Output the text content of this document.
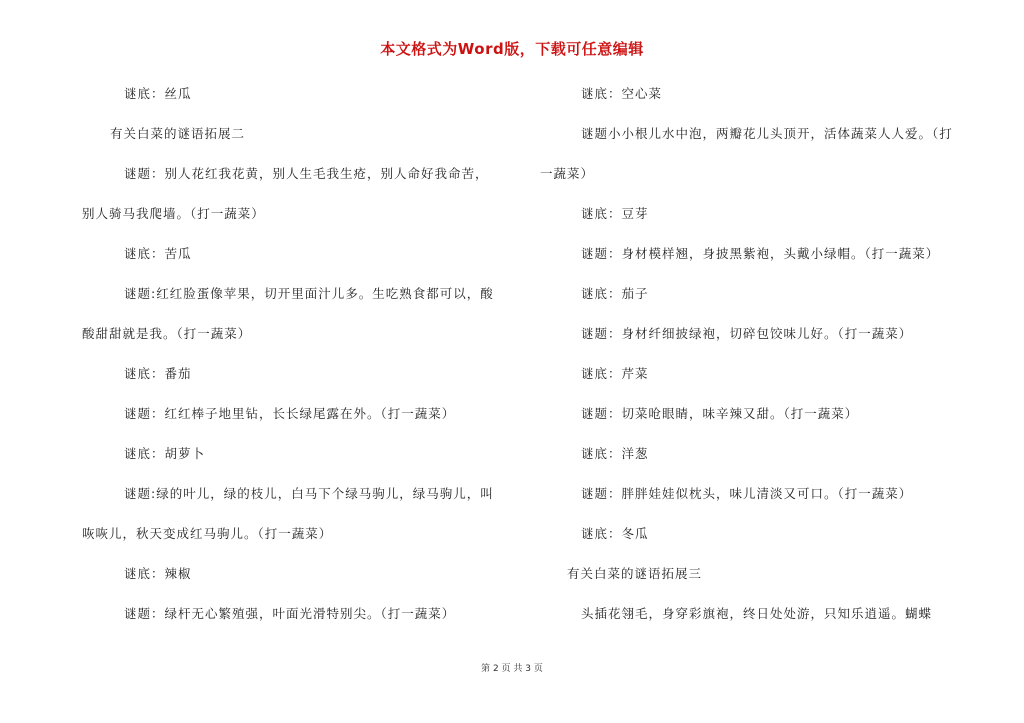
本文格式为Word版，下载可任意编辑
谜底：丝瓜
有关白菜的谜语拓展二
谜题：别人花红我花黄，别人生毛我生疮，别人命好我命苦，
别人骑马我爬墙。（打一蔬菜）
谜底：苦瓜
谜题:红红脸蛋像苹果，切开里面汁儿多。生吃熟食都可以，酸
酸甜甜就是我。（打一蔬菜）
谜底：番茄
谜题：红红棒子地里钻，长长绿尾露在外。（打一蔬菜）
谜底：胡萝卜
谜题:绿的叶儿，绿的枝儿，白马下个绿马驹儿，绿马驹儿，叫
咴咴儿，秋天变成红马驹儿。（打一蔬菜）
谜底：辣椒
谜题：绿杆无心繁殖强，叶面光滑特别尖。（打一蔬菜）
谜底：空心菜
谜题小小根儿水中泡，两瓣花儿头顶开，活体蔬菜人人爱。（打
一蔬菜）
谜底：豆芽
谜题：身材模样翘，身披黑紫袍，头戴小绿帽。（打一蔬菜）
谜底：茄子
谜题：身材纤细披绿袍，切碎包饺味儿好。（打一蔬菜）
谜底：芹菜
谜题：切菜呛眼睛，味辛辣又甜。（打一蔬菜）
谜底：洋葱
谜题：胖胖娃娃似枕头，味儿清淡又可口。（打一蔬菜）
谜底：冬瓜
有关白菜的谜语拓展三
头插花翎毛，身穿彩旗袍，终日处处游，只知乐逍遥。蝴蝶
第 2 页 共 3 页
